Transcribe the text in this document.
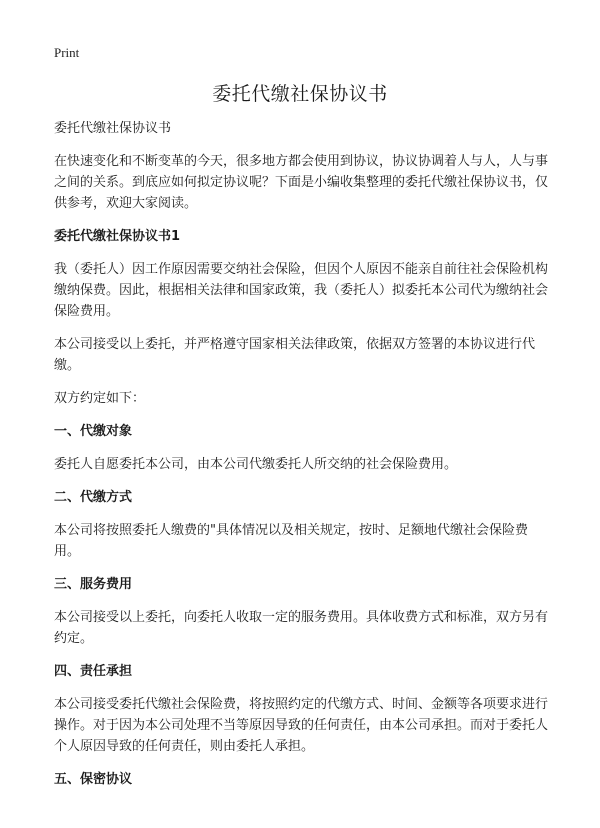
Print
委托代缴社保协议书

委托代缴社保协议书

在快速变化和不断变革的今天，很多地方都会使用到协议，协议协调着人与人，人与事之间的关系。到底应如何拟定协议呢？下面是小编收集整理的委托代缴社保协议书，仅供参考，欢迎大家阅读。

委托代缴社保协议书1

我（委托人）因工作原因需要交纳社会保险，但因个人原因不能亲自前往社会保险机构缴纳保费。因此，根据相关法律和国家政策，我（委托人）拟委托本公司代为缴纳社会保险费用。

本公司接受以上委托，并严格遵守国家相关法律政策，依据双方签署的本协议进行代缴。

双方约定如下：

一、代缴对象

委托人自愿委托本公司，由本公司代缴委托人所交纳的社会保险费用。

二、代缴方式

本公司将按照委托人缴费的"具体情况以及相关规定，按时、足额地代缴社会保险费用。

三、服务费用

本公司接受以上委托，向委托人收取一定的服务费用。具体收费方式和标准，双方另有约定。

四、责任承担

本公司接受委托代缴社会保险费，将按照约定的代缴方式、时间、金额等各项要求进行操作。对于因为本公司处理不当等原因导致的任何责任，由本公司承担。而对于委托人个人原因导致的任何责任，则由委托人承担。

五、保密协议
